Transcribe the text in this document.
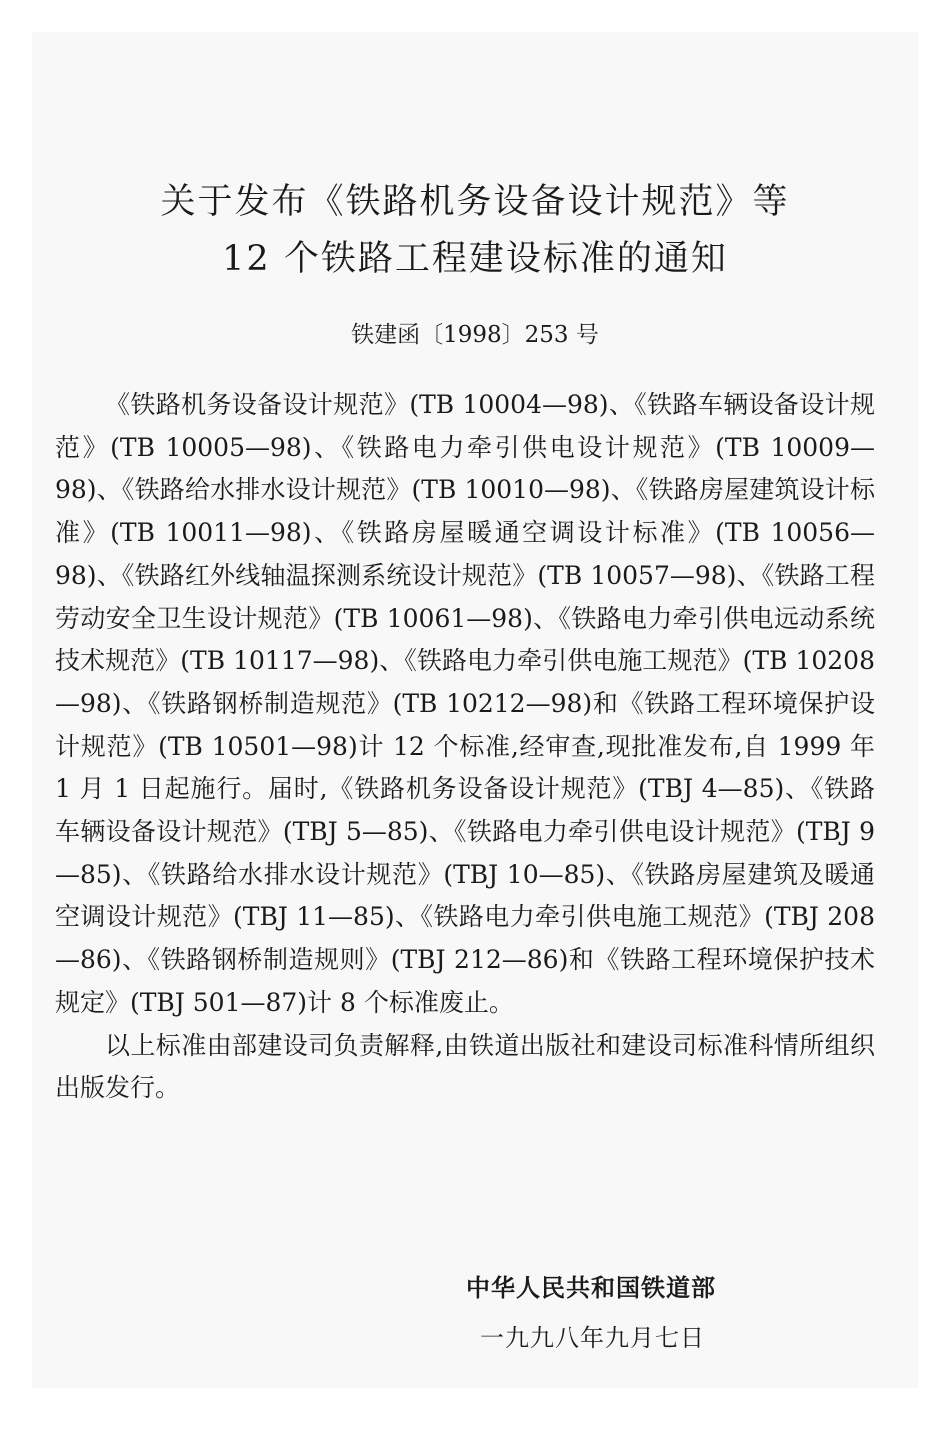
关于发布《铁路机务设备设计规范》等
12 个铁路工程建设标准的通知
铁建函〔1998〕253 号

《铁路机务设备设计规范》(TB 10004—98)、《铁路车辆设备设计规范》(TB 10005—98)、《铁路电力牵引供电设计规范》(TB 10009—98)、《铁路给水排水设计规范》(TB 10010—98)、《铁路房屋建筑设计标准》(TB 10011—98)、《铁路房屋暖通空调设计标准》(TB 10056—98)、《铁路红外线轴温探测系统设计规范》(TB 10057—98)、《铁路工程劳动安全卫生设计规范》(TB 10061—98)、《铁路电力牵引供电远动系统技术规范》(TB 10117—98)、《铁路电力牵引供电施工规范》(TB 10208—98)、《铁路钢桥制造规范》(TB 10212—98)和《铁路工程环境保护设计规范》(TB 10501—98)计 12 个标准,经审查,现批准发布,自 1999 年 1 月 1 日起施行。届时,《铁路机务设备设计规范》(TBJ 4—85)、《铁路车辆设备设计规范》(TBJ 5—85)、《铁路电力牵引供电设计规范》(TBJ 9—85)、《铁路给水排水设计规范》(TBJ 10—85)、《铁路房屋建筑及暖通空调设计规范》(TBJ 11—85)、《铁路电力牵引供电施工规范》(TBJ 208—86)、《铁路钢桥制造规则》(TBJ 212—86)和《铁路工程环境保护技术规定》(TBJ 501—87)计 8 个标准废止。

以上标准由部建设司负责解释,由铁道出版社和建设司标准科情所组织出版发行。

中华人民共和国铁道部
一九九八年九月七日
